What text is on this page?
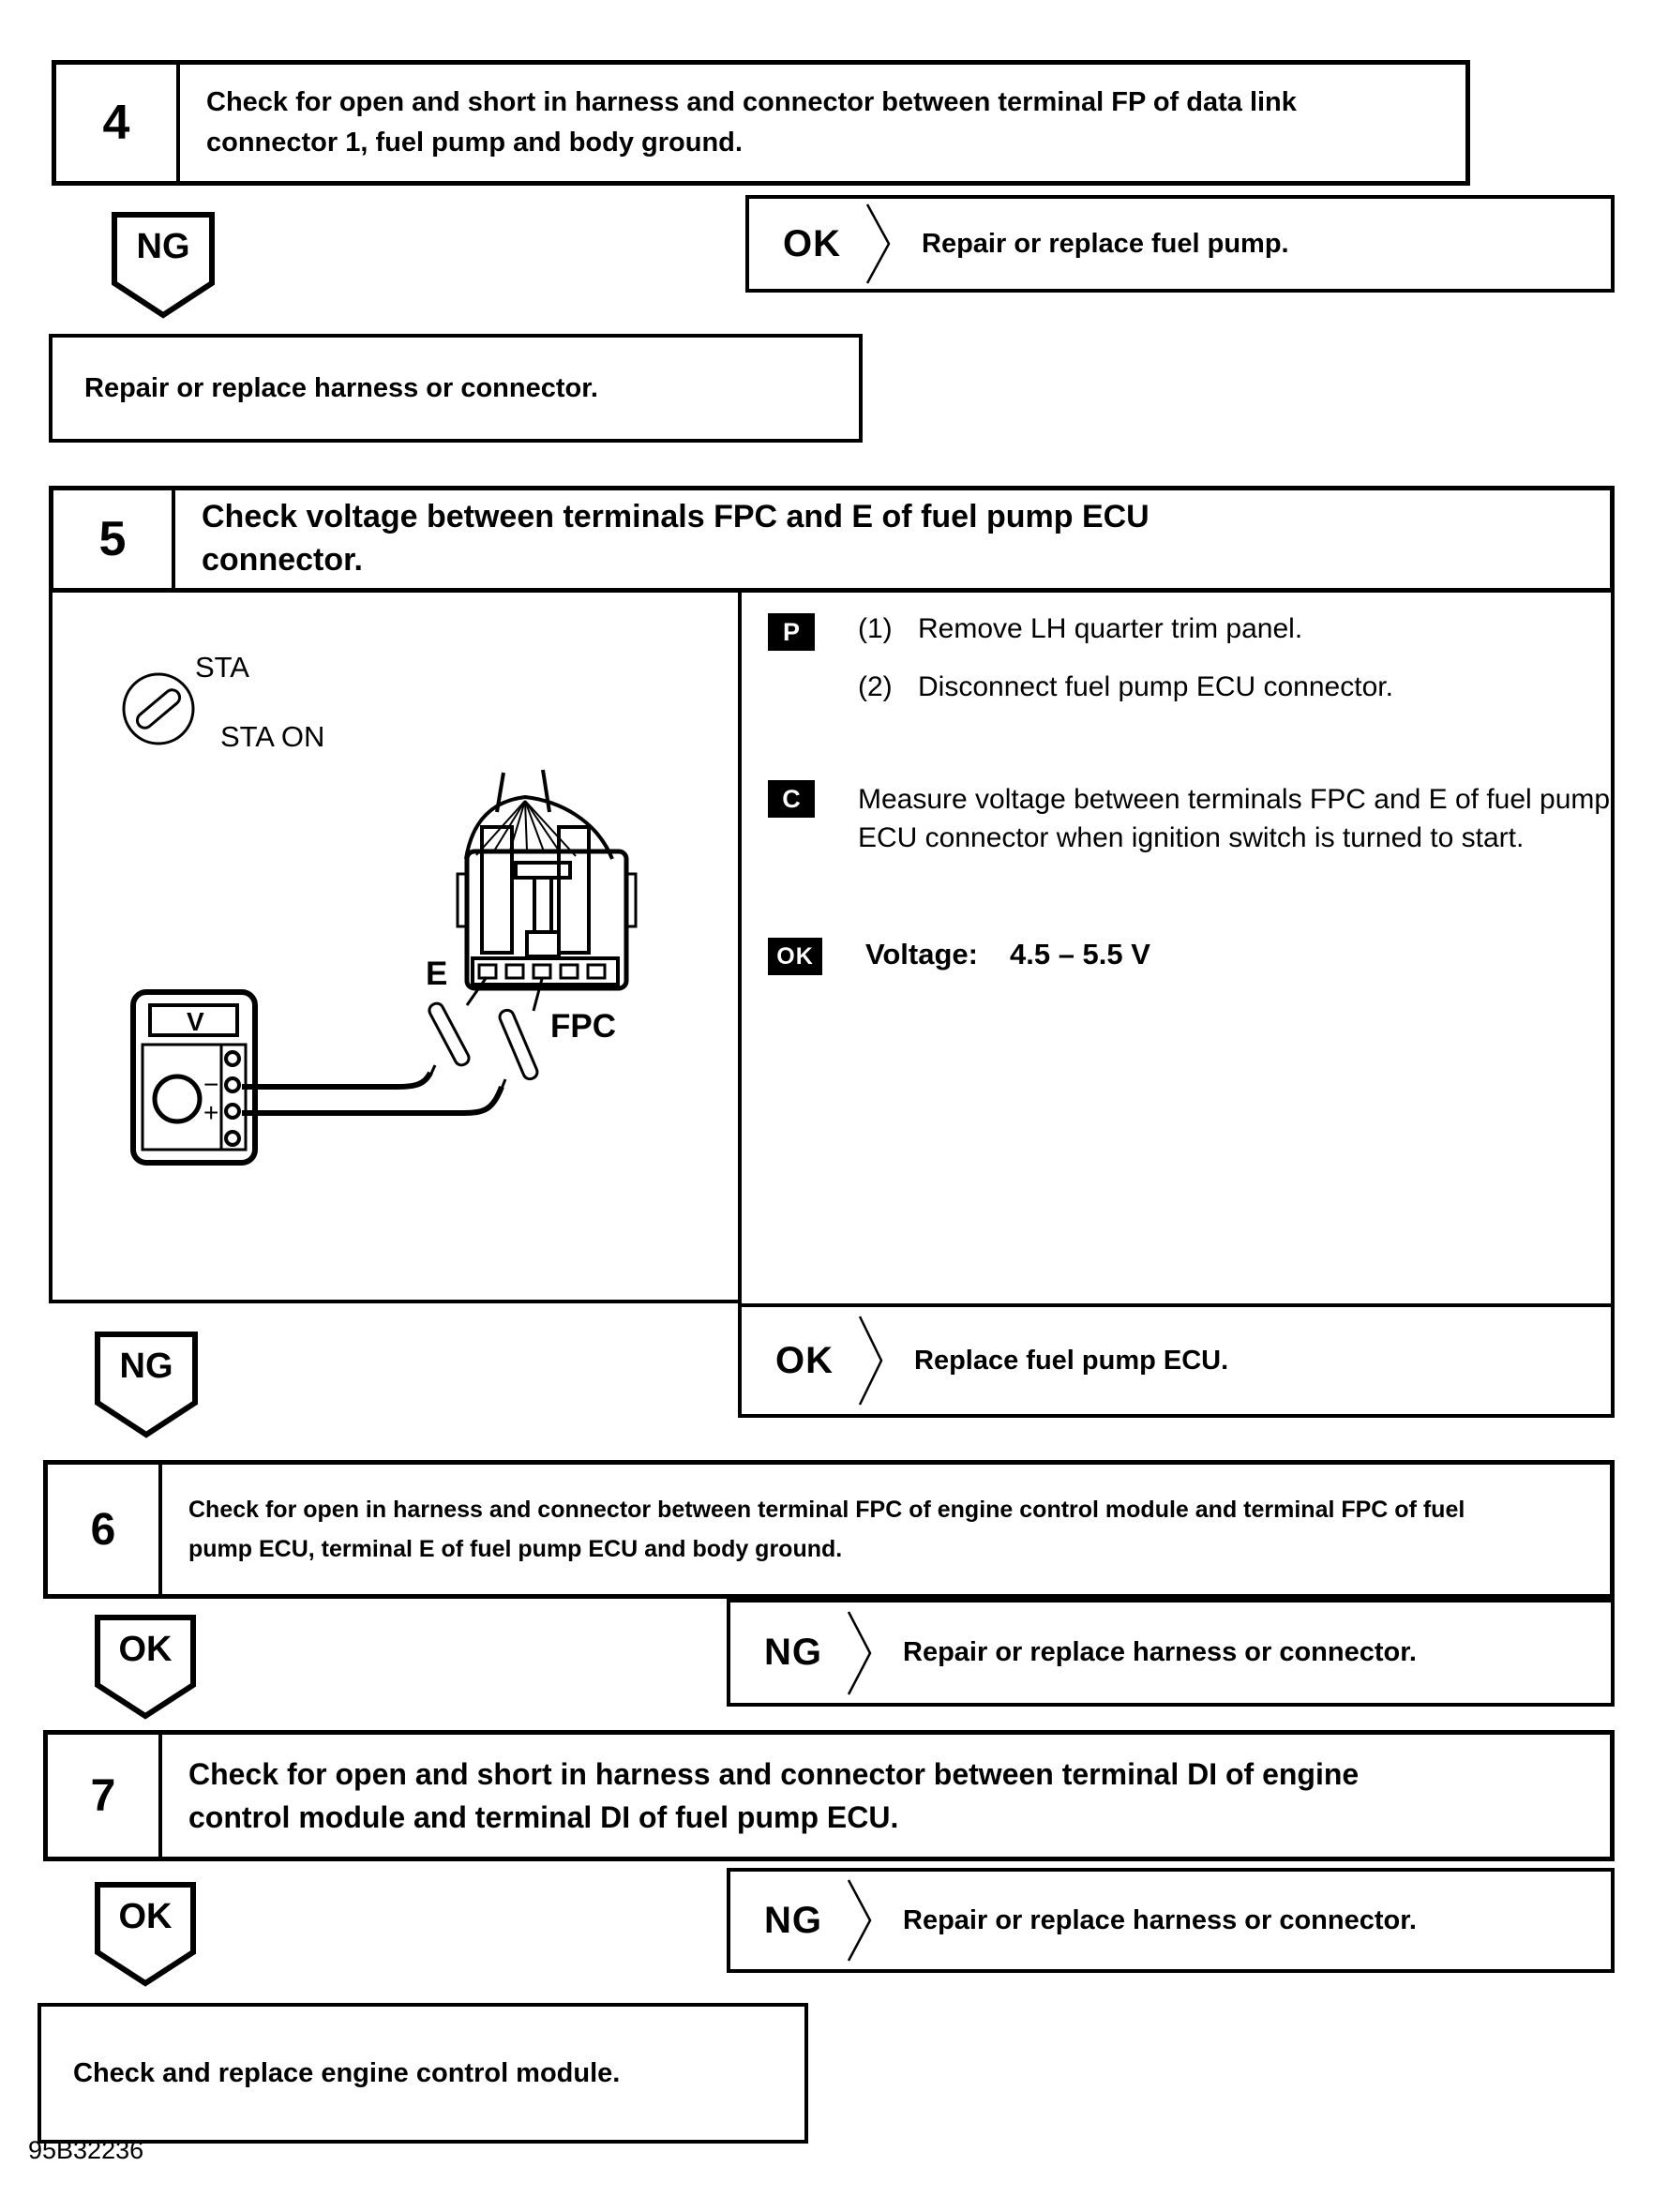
4	Check for open and short in harness and connector between terminal FP of data link connector 1, fuel pump and body ground.
NG	OK	Repair or replace fuel pump.
Repair or replace harness or connector.
5	Check voltage between terminals FPC and E of fuel pump ECU connector.
STA
STA ON
E
FPC
V
−
+
P	(1) Remove LH quarter trim panel.
(2) Disconnect fuel pump ECU connector.
C	Measure voltage between terminals FPC and E of fuel pump ECU connector when ignition switch is turned to start.
OK Voltage: 4.5 – 5.5 V
OK	Replace fuel pump ECU.
NG
6	Check for open in harness and connector between terminal FPC of engine control module and terminal FPC of fuel pump ECU, terminal E of fuel pump ECU and body ground.
OK	NG	Repair or replace harness or connector.
7	Check for open and short in harness and connector between terminal DI of engine control module and terminal DI of fuel pump ECU.
OK	NG	Repair or replace harness or connector.
Check and replace engine control module.
95B32236
